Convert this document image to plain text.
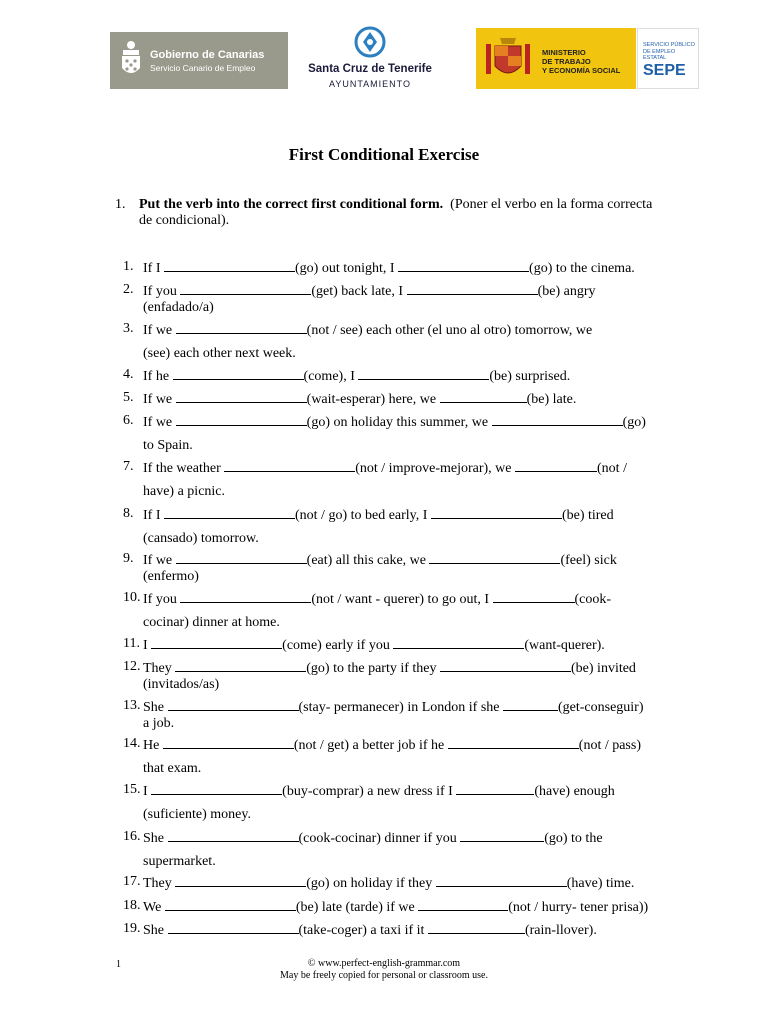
Gobierno de Canarias
Servicio Canario de Empleo	Santa Cruz de Tenerife
AYUNTAMIENTO
MINISTERIO
DE TRABAJO
Y ECONOMÍA SOCIAL
SERVICIO PÚBLICO
DE EMPLEO ESTATAL
SEPE
First Conditional Exercise
1. Put the verb into the correct first conditional form. (Poner el verbo en la forma correcta de condicional).
1. If I	(go) out tonight, I	(go) to the cinema.
2. If you	(get) back late, I	(be) angry
(enfadado/a)
3. If we	(not / see) each other (el uno al otro) tomorrow, we
(see) each other next week.
4. If he	(come), I	(be) surprised.
5. If we	(wait-esperar) here, we	(be) late.
6. If we	(go) on holiday this summer, we	(go)
to Spain.
7. If the weather	(not / improve-mejorar), we	(not /
have) a picnic.
8. If I	(not / go) to bed early, I	(be) tired
(cansado) tomorrow.
9. If we	(eat) all this cake, we	(feel) sick
(enfermo)
10. If you	(not / want - querer) to go out, I	(cook-
cocinar) dinner at home.
11. I	(come) early if you	(want-querer).
12. They	(go) to the party if they	(be) invited
(invitados/as)
13. She	(stay- permanecer) in London if she	(get-conseguir)
a job.
14. He	(not / get) a better job if he	(not / pass)
that exam.
15. I	(buy-comprar) a new dress if I	(have) enough
(suficiente) money.
16. She	(cook-cocinar) dinner if you	(go) to the
supermarket.
17. They	(go) on holiday if they	(have) time.
18. We	(be) late (tarde) if we	(not / hurry- tener prisa))
19. She	(take-coger) a taxi if it	(rain-llover).
1	© www.perfect-english-grammar.com
May be freely copied for personal or classroom use.
